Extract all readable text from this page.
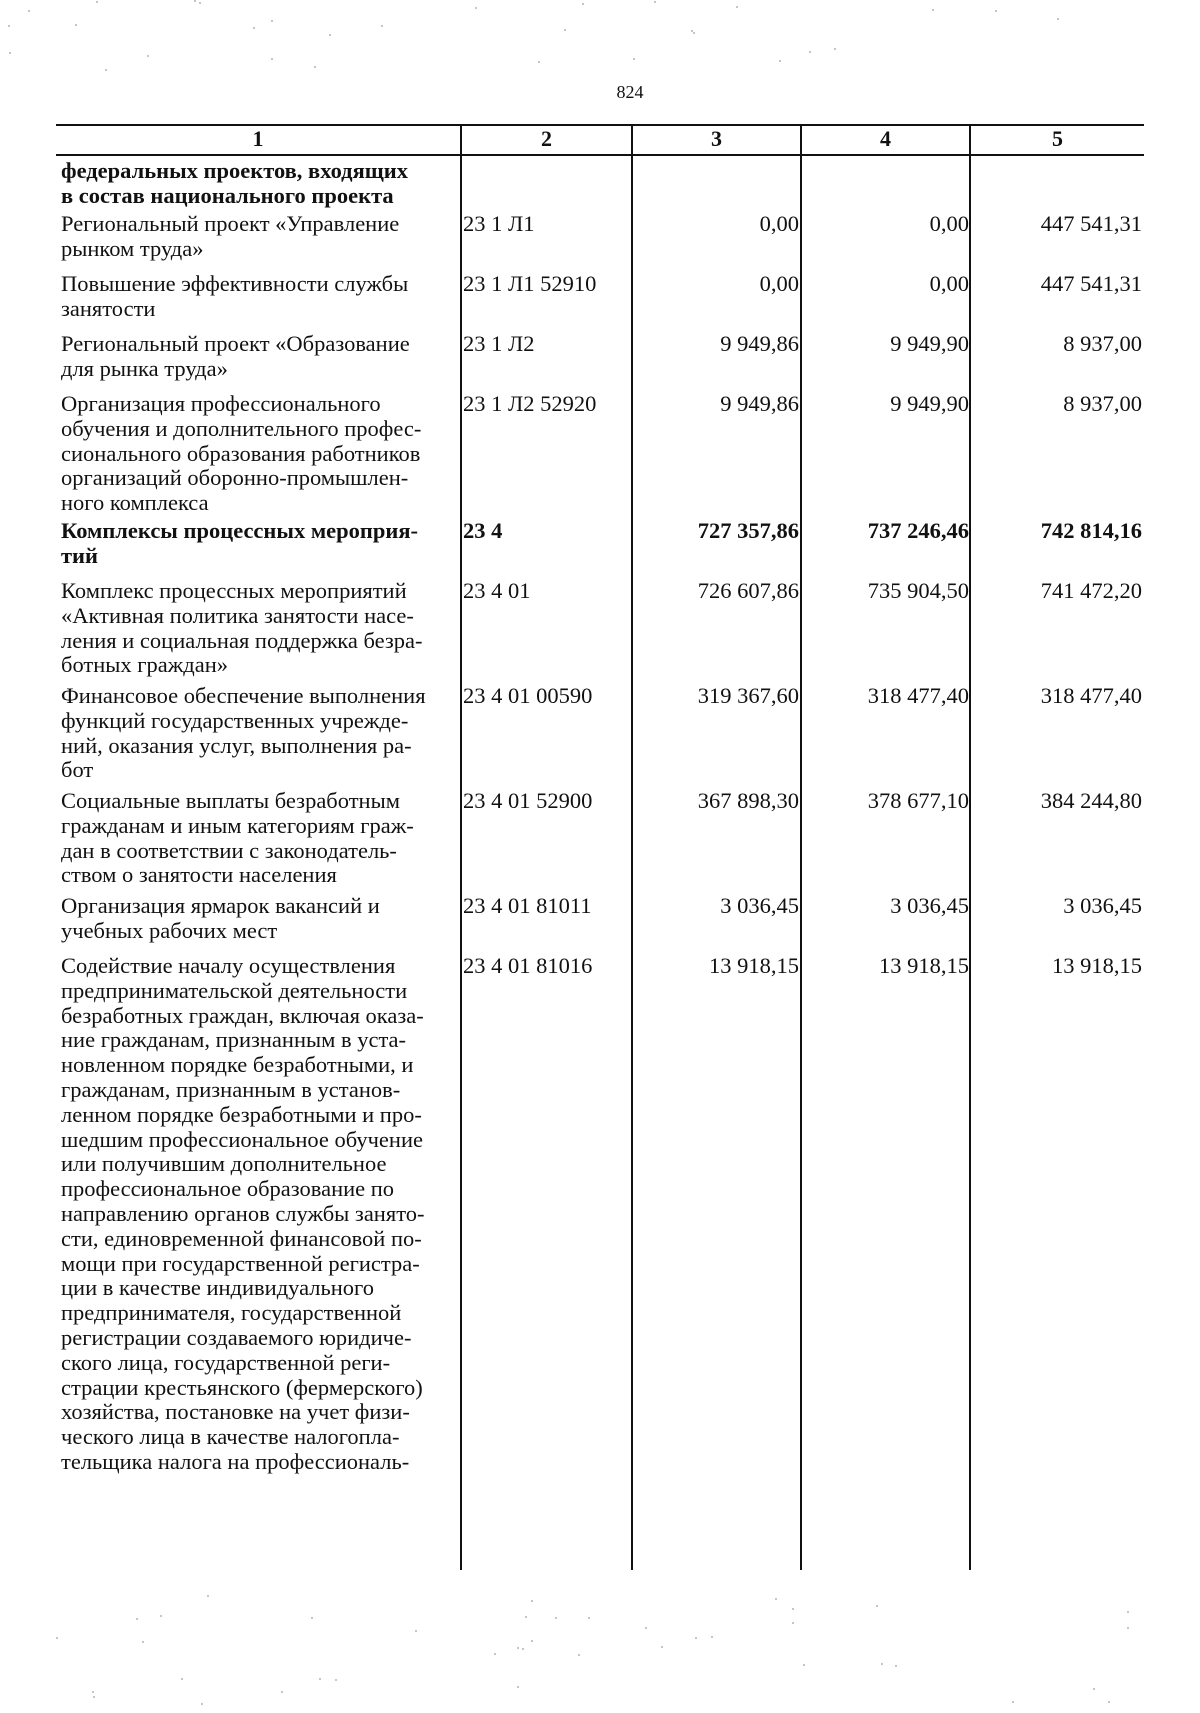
824
1	2	3	4	5
федеральных проектов, входящих
в состав национального проекта
Региональный проект «Управление
рынком труда»
23 1 Л1	0,00	0,00	447 541,31
Повышение эффективности службы
занятости
23 1 Л1 52910	0,00	0,00	447 541,31
Региональный проект «Образование
для рынка труда»
23 1 Л2	9 949,86	9 949,90	8 937,00
Организация профессионального
обучения и дополнительного профес-
сионального образования работников
организаций оборонно-промышлен-
ного комплекса
23 1 Л2 52920	9 949,86	9 949,90	8 937,00
Комплексы процессных мероприя-
тий
23 4	727 357,86	737 246,46	742 814,16
Комплекс процессных мероприятий
«Активная политика занятости насе-
ления и социальная поддержка безра-
ботных граждан»
23 4 01	726 607,86	735 904,50	741 472,20
Финансовое обеспечение выполнения
функций государственных учрежде-
ний, оказания услуг, выполнения ра-
бот
23 4 01 00590	319 367,60	318 477,40	318 477,40
Социальные выплаты безработным
гражданам и иным категориям граж-
дан в соответствии с законодатель-
ством о занятости населения
23 4 01 52900	367 898,30	378 677,10	384 244,80
Организация ярмарок вакансий и
учебных рабочих мест
23 4 01 81011	3 036,45	3 036,45	3 036,45
Содействие началу осуществления
предпринимательской деятельности
безработных граждан, включая оказа-
ние гражданам, признанным в уста-
новленном порядке безработными, и
гражданам, признанным в установ-
ленном порядке безработными и про-
шедшим профессиональное обучение
или получившим дополнительное
профессиональное образование по
направлению органов службы занято-
сти, единовременной финансовой по-
мощи при государственной регистра-
ции в качестве индивидуального
предпринимателя, государственной
регистрации создаваемого юридиче-
ского лица, государственной реги-
страции крестьянского (фермерского)
хозяйства, постановке на учет физи-
ческого лица в качестве налогопла-
тельщика налога на профессиональ-
23 4 01 81016	13 918,15	13 918,15	13 918,15
